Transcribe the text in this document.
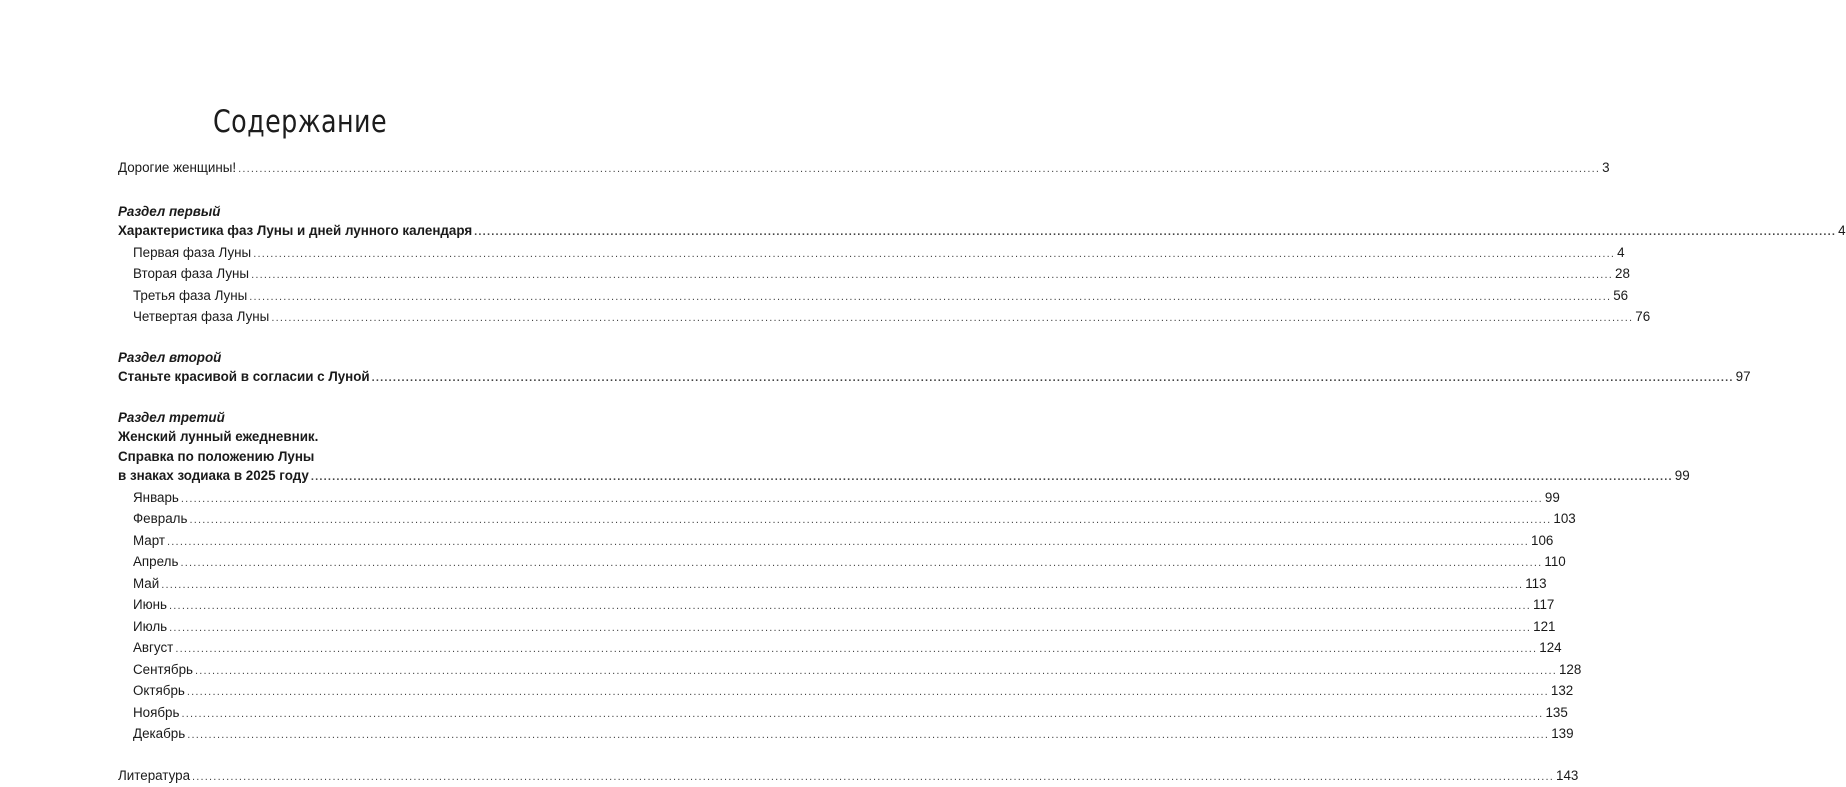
Содержание
Дорогие женщины! .....	3
Раздел первый
Характеристика фаз Луны и дней лунного календаря .....	4
Первая фаза Луны .....	4
Вторая фаза Луны .....	28
Третья фаза Луны .....	56
Четвертая фаза Луны .....	76
Раздел второй
Станьте красивой в согласии с Луной .....	97
Раздел третий
Женский лунный ежедневник.
Справка по положению Луны
в знаках зодиака в 2025 году .....	99
Январь .....	99
Февраль .....	103
Март .....	106
Апрель .....	110
Май .....	113
Июнь .....	117
Июль .....	121
Август .....	124
Сентябрь .....	128
Октябрь .....	132
Ноябрь .....	135
Декабрь .....	139
Литература .....	143
